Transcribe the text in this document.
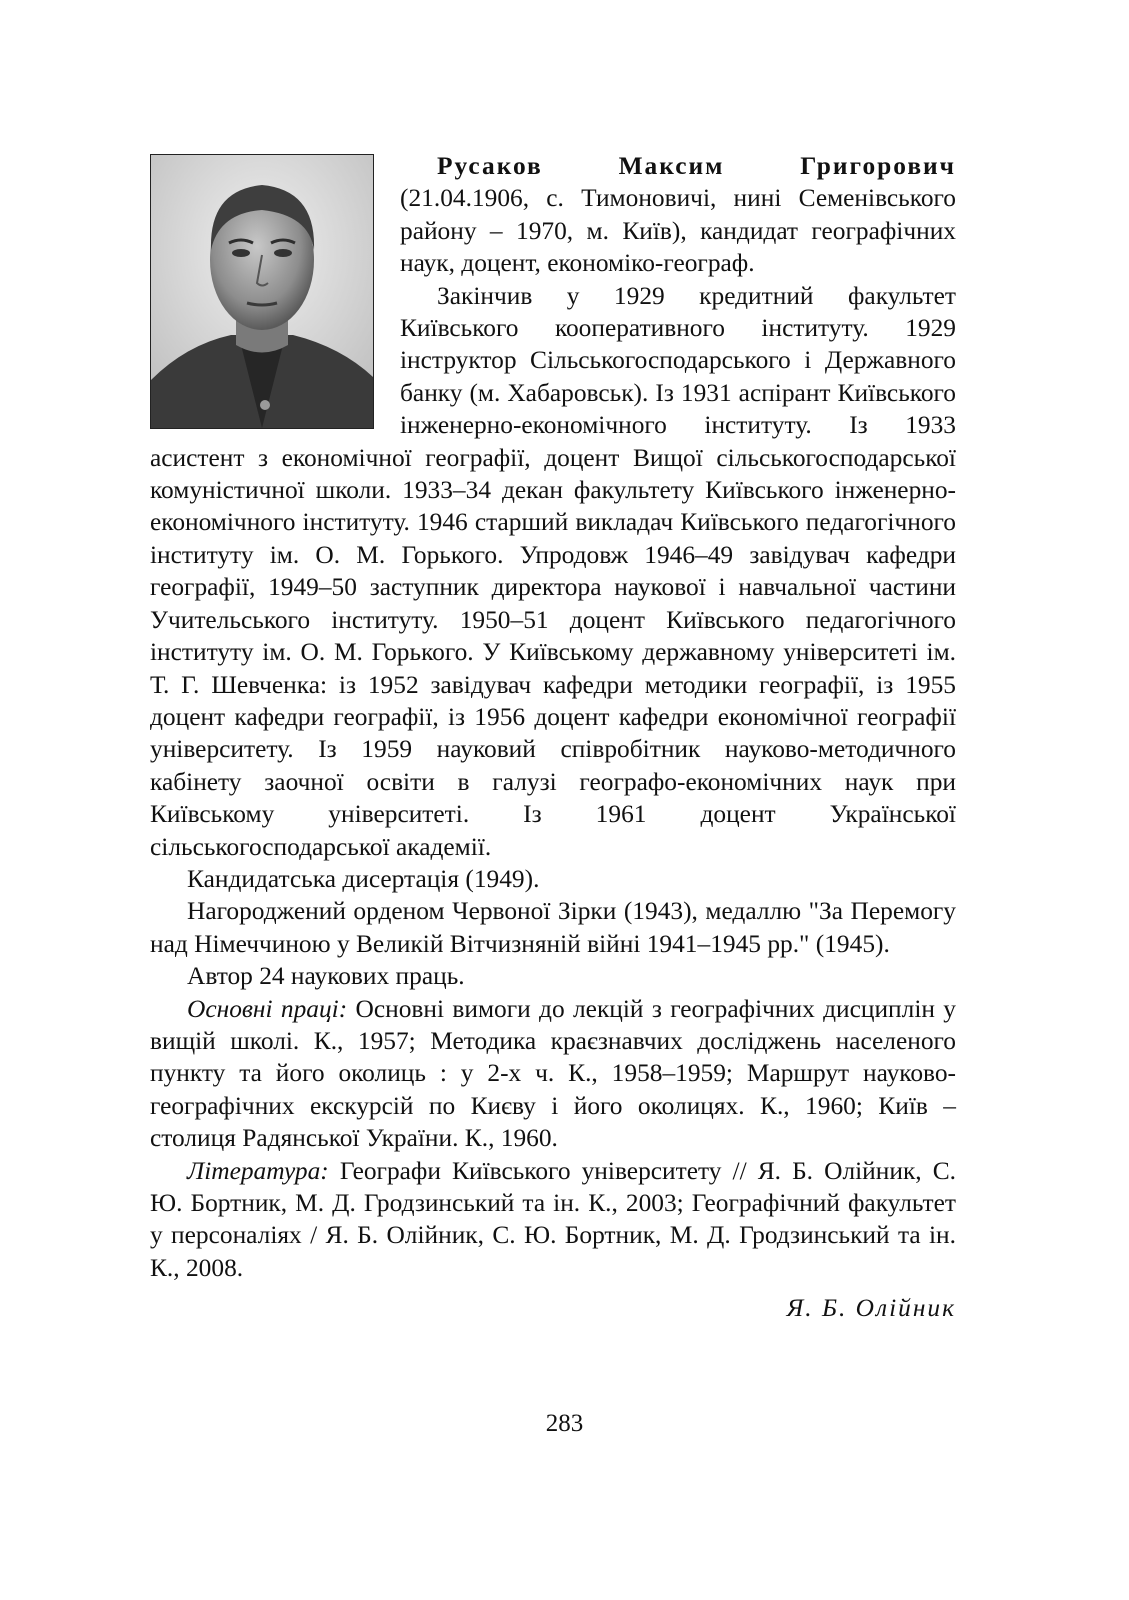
Русаков Максим Григорович (21.04.1906, с. Тимоновичі, нині Семенівського району – 1970, м. Київ), кандидат географічних наук, доцент, економіко-географ.

Закінчив у 1929 кредитний факультет Київського кооперативного інституту. 1929 інструктор Сільськогосподарського і Державного банку (м. Хабаровськ). Із 1931 аспірант Київського інженерно-економічного інституту. Із 1933 асистент з економічної географії, доцент Вищої сільськогосподарської комуністичної школи. 1933–34 декан факультету Київського інженерно-економічного інституту. 1946 старший викладач Київського педагогічного інституту ім. О. М. Горького. Упродовж 1946–49 завідувач кафедри географії, 1949–50 заступник директора наукової і навчальної частини Учительського інституту. 1950–51 доцент Київського педагогічного інституту ім. О. М. Горького. У Київському державному університеті ім. Т. Г. Шевченка: із 1952 завідувач кафедри методики географії, із 1955 доцент кафедри географії, із 1956 доцент кафедри економічної географії університету. Із 1959 науковий співробітник науково-методичного кабінету заочної освіти в галузі географо-економічних наук при Київському університеті. Із 1961 доцент Української сільськогосподарської академії.

Кандидатська дисертація (1949).

Нагороджений орденом Червоної Зірки (1943), медаллю "За Перемогу над Німеччиною у Великій Вітчизняній війні 1941–1945 рр." (1945).

Автор 24 наукових праць.

Основні праці: Основні вимоги до лекцій з географічних дисциплін у вищій школі. К., 1957; Методика краєзнавчих досліджень населеного пункту та його околиць : у 2-х ч. К., 1958–1959; Маршрут науково-географічних екскурсій по Києву і його околицях. К., 1960; Київ – столиця Радянської України. К., 1960.

Література: Географи Київського університету // Я. Б. Олійник, С. Ю. Бортник, М. Д. Гродзинський та ін. К., 2003; Географічний факультет у персоналіях / Я. Б. Олійник, С. Ю. Бортник, М. Д. Гродзинський та ін. К., 2008.

Я. Б. Олійник
283
